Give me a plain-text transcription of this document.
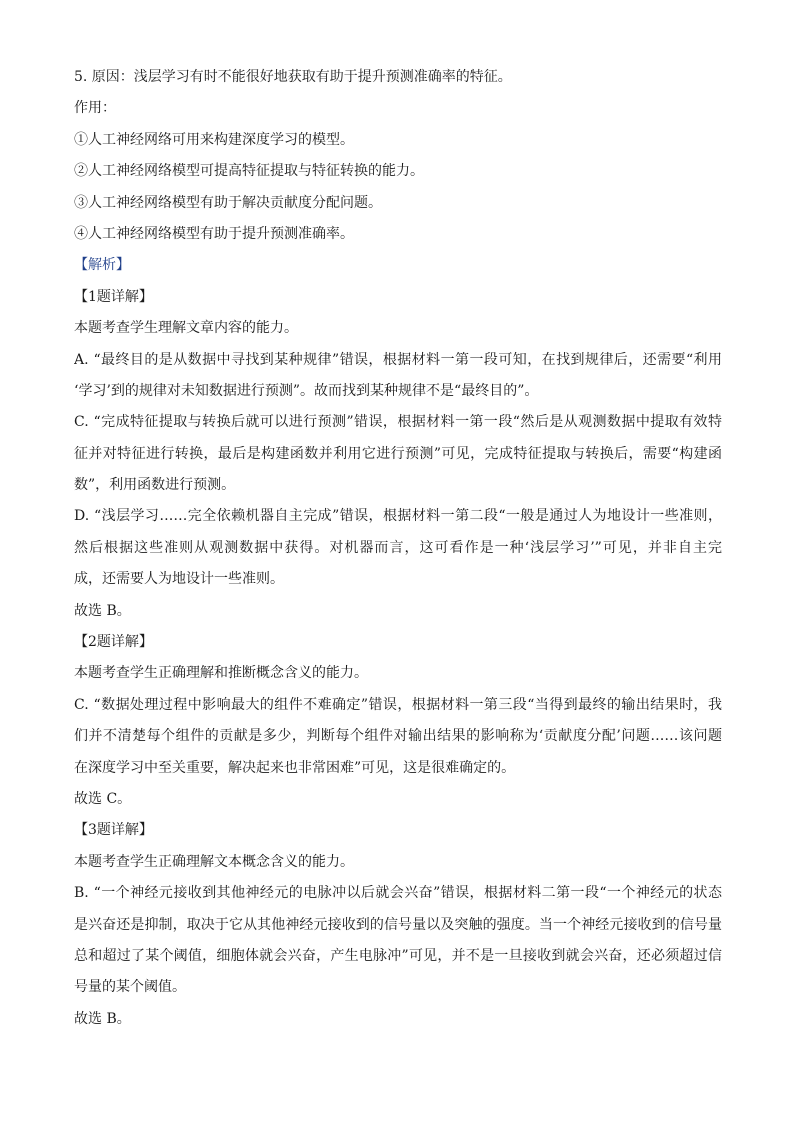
5. 原因：浅层学习有时不能很好地获取有助于提升预测准确率的特征。
作用：
①人工神经网络可用来构建深度学习的模型。
②人工神经网络模型可提高特征提取与特征转换的能力。
③人工神经网络模型有助于解决贡献度分配问题。
④人工神经网络模型有助于提升预测准确率。
【解析】
【1题详解】
本题考查学生理解文章内容的能力。
A. “最终目的是从数据中寻找到某种规律”错误，根据材料一第一段可知，在找到规律后，还需要“利用
‘学习’到的规律对未知数据进行预测”。故而找到某种规律不是“最终目的”。
C. “完成特征提取与转换后就可以进行预测”错误，根据材料一第一段“然后是从观测数据中提取有效特
征并对特征进行转换，最后是构建函数并利用它进行预测”可见，完成特征提取与转换后，需要“构建函
数”，利用函数进行预测。
D. “浅层学习……完全依赖机器自主完成”错误，根据材料一第二段“一般是通过人为地设计一些准则，
然后根据这些准则从观测数据中获得。对机器而言，这可看作是一种‘浅层学习’”可见，并非自主完
成，还需要人为地设计一些准则。
故选 B。
【2题详解】
本题考查学生正确理解和推断概念含义的能力。
C. “数据处理过程中影响最大的组件不难确定”错误，根据材料一第三段“当得到最终的输出结果时，我
们并不清楚每个组件的贡献是多少，判断每个组件对输出结果的影响称为‘贡献度分配’问题……该问题
在深度学习中至关重要，解决起来也非常困难”可见，这是很难确定的。
故选 C。
【3题详解】
本题考查学生正确理解文本概念含义的能力。
B. “一个神经元接收到其他神经元的电脉冲以后就会兴奋”错误，根据材料二第一段“一个神经元的状态
是兴奋还是抑制，取决于它从其他神经元接收到的信号量以及突触的强度。当一个神经元接收到的信号量
总和超过了某个阈值，细胞体就会兴奋，产生电脉冲”可见，并不是一旦接收到就会兴奋，还必须超过信
号量的某个阈值。
故选 B。
